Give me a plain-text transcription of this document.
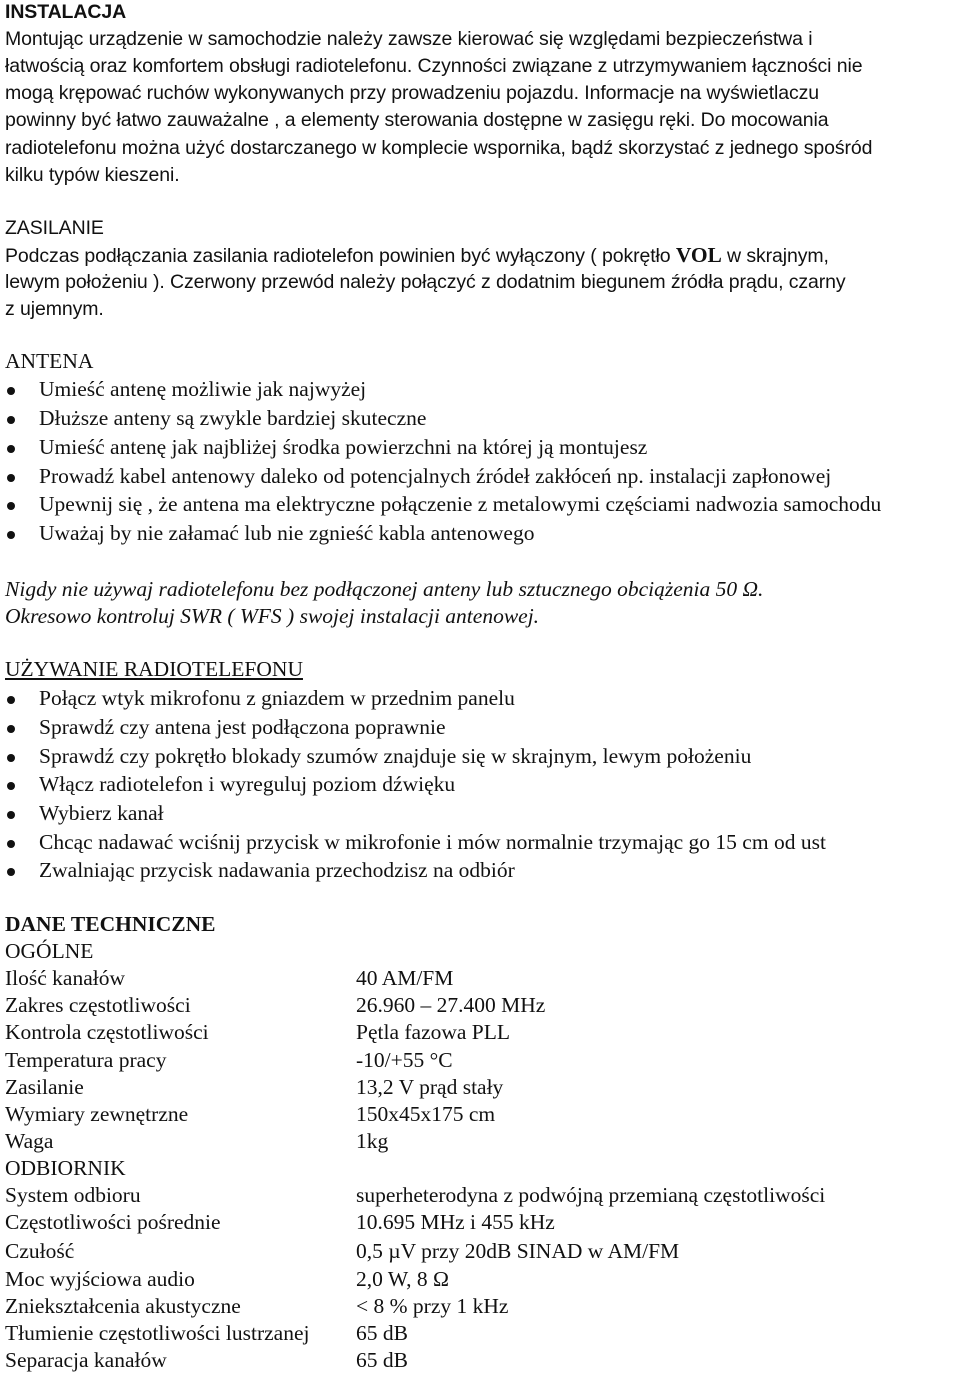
INSTALACJA
Montując urządzenie w samochodzie należy zawsze kierować się względami bezpieczeństwa i
łatwością oraz komfortem obsługi radiotelefonu. Czynności związane z utrzymywaniem łączności nie
mogą krępować ruchów wykonywanych przy prowadzeniu pojazdu. Informacje na wyświetlaczu
powinny być łatwo zauważalne , a elementy sterowania dostępne w zasięgu ręki. Do mocowania
radiotelefonu można użyć dostarczanego w komplecie wspornika, bądź skorzystać z jednego spośród
kilku typów kieszeni.
ZASILANIE
Podczas podłączania zasilania radiotelefon powinien być wyłączony ( pokrętło VOL w skrajnym,
lewym położeniu ). Czerwony przewód należy połączyć z dodatnim biegunem źródła prądu, czarny
z ujemnym.
ANTENA
Umieść antenę możliwie jak najwyżej
Dłuższe anteny są zwykle bardziej skuteczne
Umieść antenę jak najbliżej środka powierzchni na której ją montujesz
Prowadź kabel antenowy daleko od potencjalnych źródeł zakłóceń np. instalacji zapłonowej
Upewnij się , że antena ma elektryczne połączenie z metalowymi częściami nadwozia samochodu
Uważaj by nie załamać lub nie zgnieść kabla antenowego
Nigdy nie używaj radiotelefonu bez podłączonej anteny lub sztucznego obciążenia 50 Ω.
Okresowo kontroluj SWR ( WFS ) swojej instalacji antenowej.
UŻYWANIE RADIOTELEFONU
Połącz wtyk mikrofonu z gniazdem w przednim panelu
Sprawdź czy antena jest podłączona poprawnie
Sprawdź czy pokrętło blokady szumów znajduje się w skrajnym, lewym położeniu
Włącz radiotelefon i wyreguluj poziom dźwięku
Wybierz kanał
Chcąc nadawać wciśnij przycisk w mikrofonie i mów normalnie trzymając go 15 cm od ust
Zwalniając przycisk nadawania przechodzisz na odbiór
DANE TECHNICZNE
OGÓLNE
Ilość kanałów	40 AM/FM
Zakres częstotliwości	26.960 – 27.400 MHz
Kontrola częstotliwości	Pętla fazowa PLL
Temperatura pracy	-10/+55 °C
Zasilanie	13,2 V prąd stały
Wymiary zewnętrzne	150x45x175 cm
Waga	1kg
ODBIORNIK
System odbioru	superheterodyna z podwójną przemianą częstotliwości
Częstotliwości pośrednie	10.695 MHz i 455 kHz
Czułość	0,5 µV przy 20dB SINAD w AM/FM
Moc wyjściowa audio	2,0 W, 8 Ω
Zniekształcenia akustyczne	< 8 % przy 1 kHz
Tłumienie częstotliwości lustrzanej 65 dB
Separacja kanałów	65 dB
